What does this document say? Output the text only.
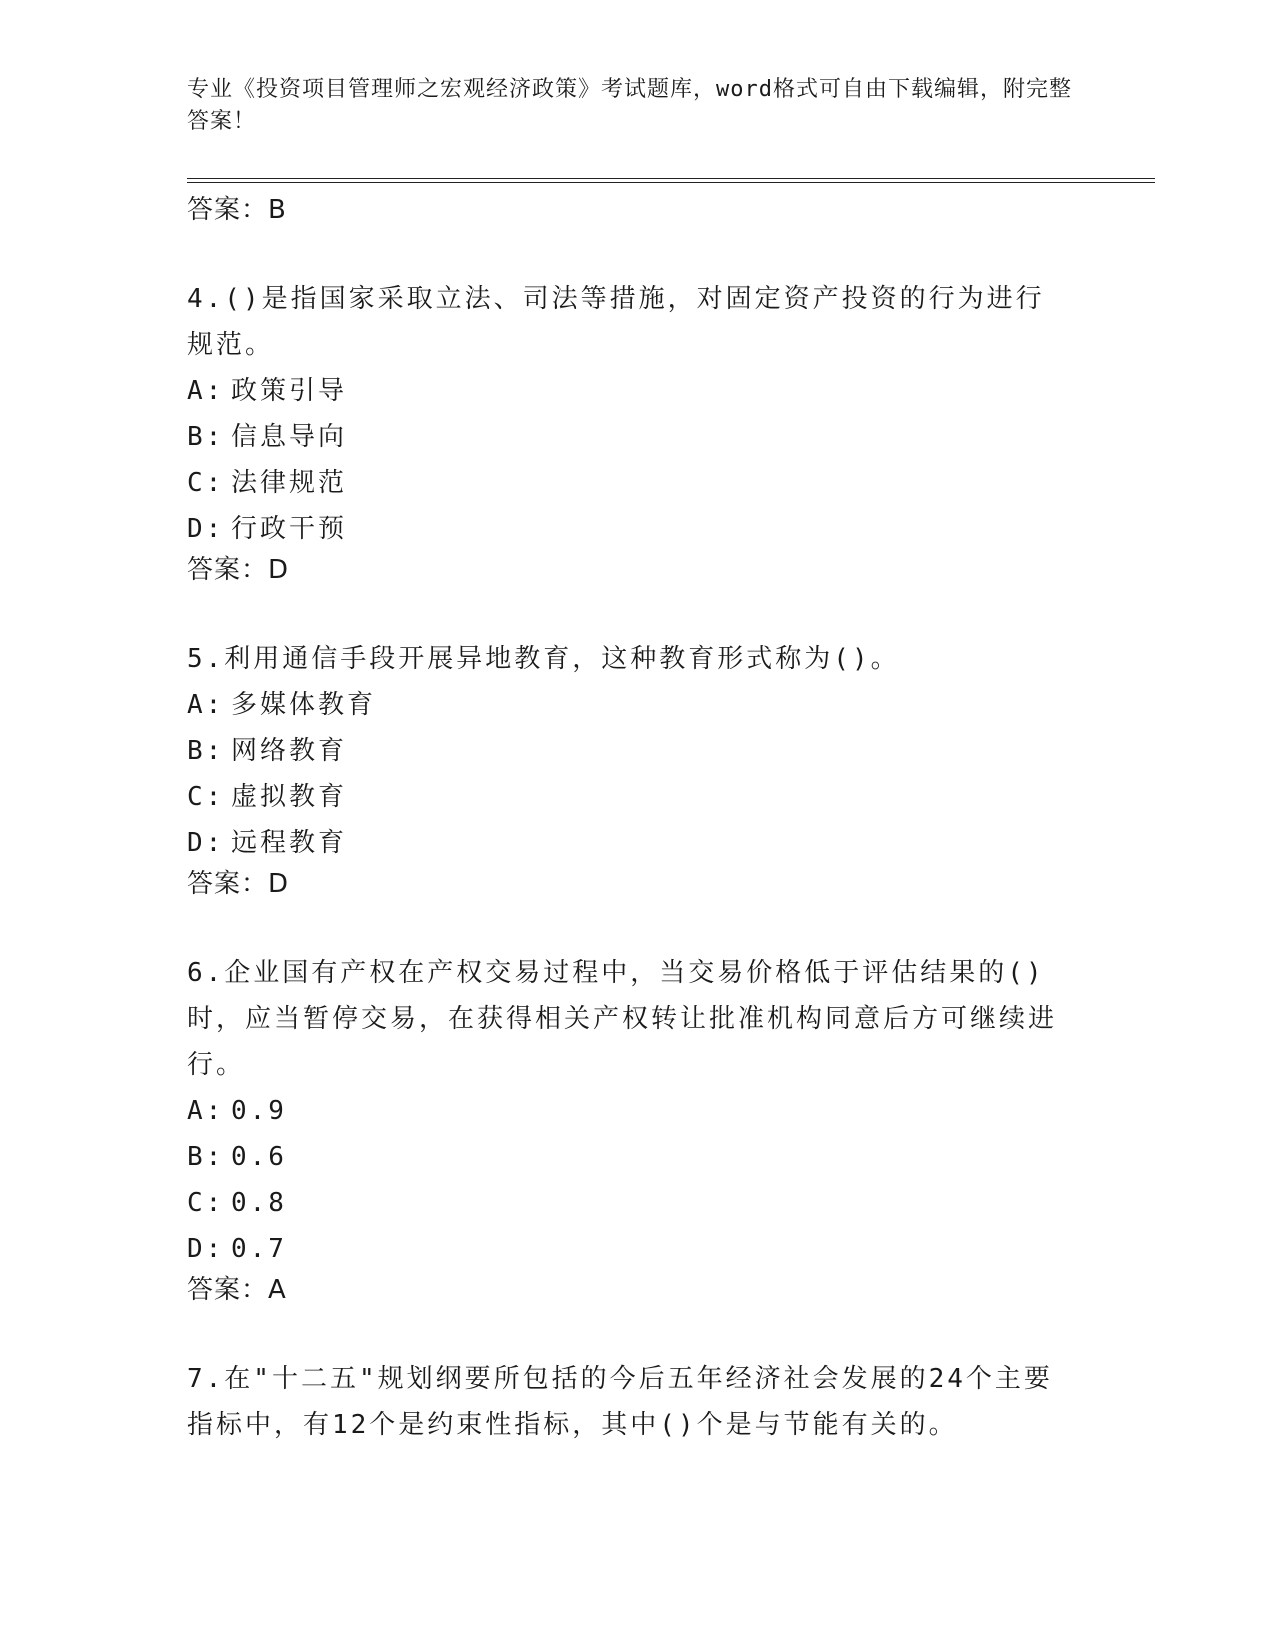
专业《投资项目管理师之宏观经济政策》考试题库，word格式可自由下载编辑，附完整答案！
答案：B
4.()是指国家采取立法、司法等措施，对固定资产投资的行为进行规范。
A: 政策引导
B: 信息导向
C: 法律规范
D: 行政干预
答案：D
5.利用通信手段开展异地教育，这种教育形式称为()。
A: 多媒体教育
B: 网络教育
C: 虚拟教育
D: 远程教育
答案：D
6.企业国有产权在产权交易过程中，当交易价格低于评估结果的()时，应当暂停交易，在获得相关产权转让批准机构同意后方可继续进行。
A: 0.9
B: 0.6
C: 0.8
D: 0.7
答案：A
7.在"十二五"规划纲要所包括的今后五年经济社会发展的24个主要指标中，有12个是约束性指标，其中()个是与节能有关的。
